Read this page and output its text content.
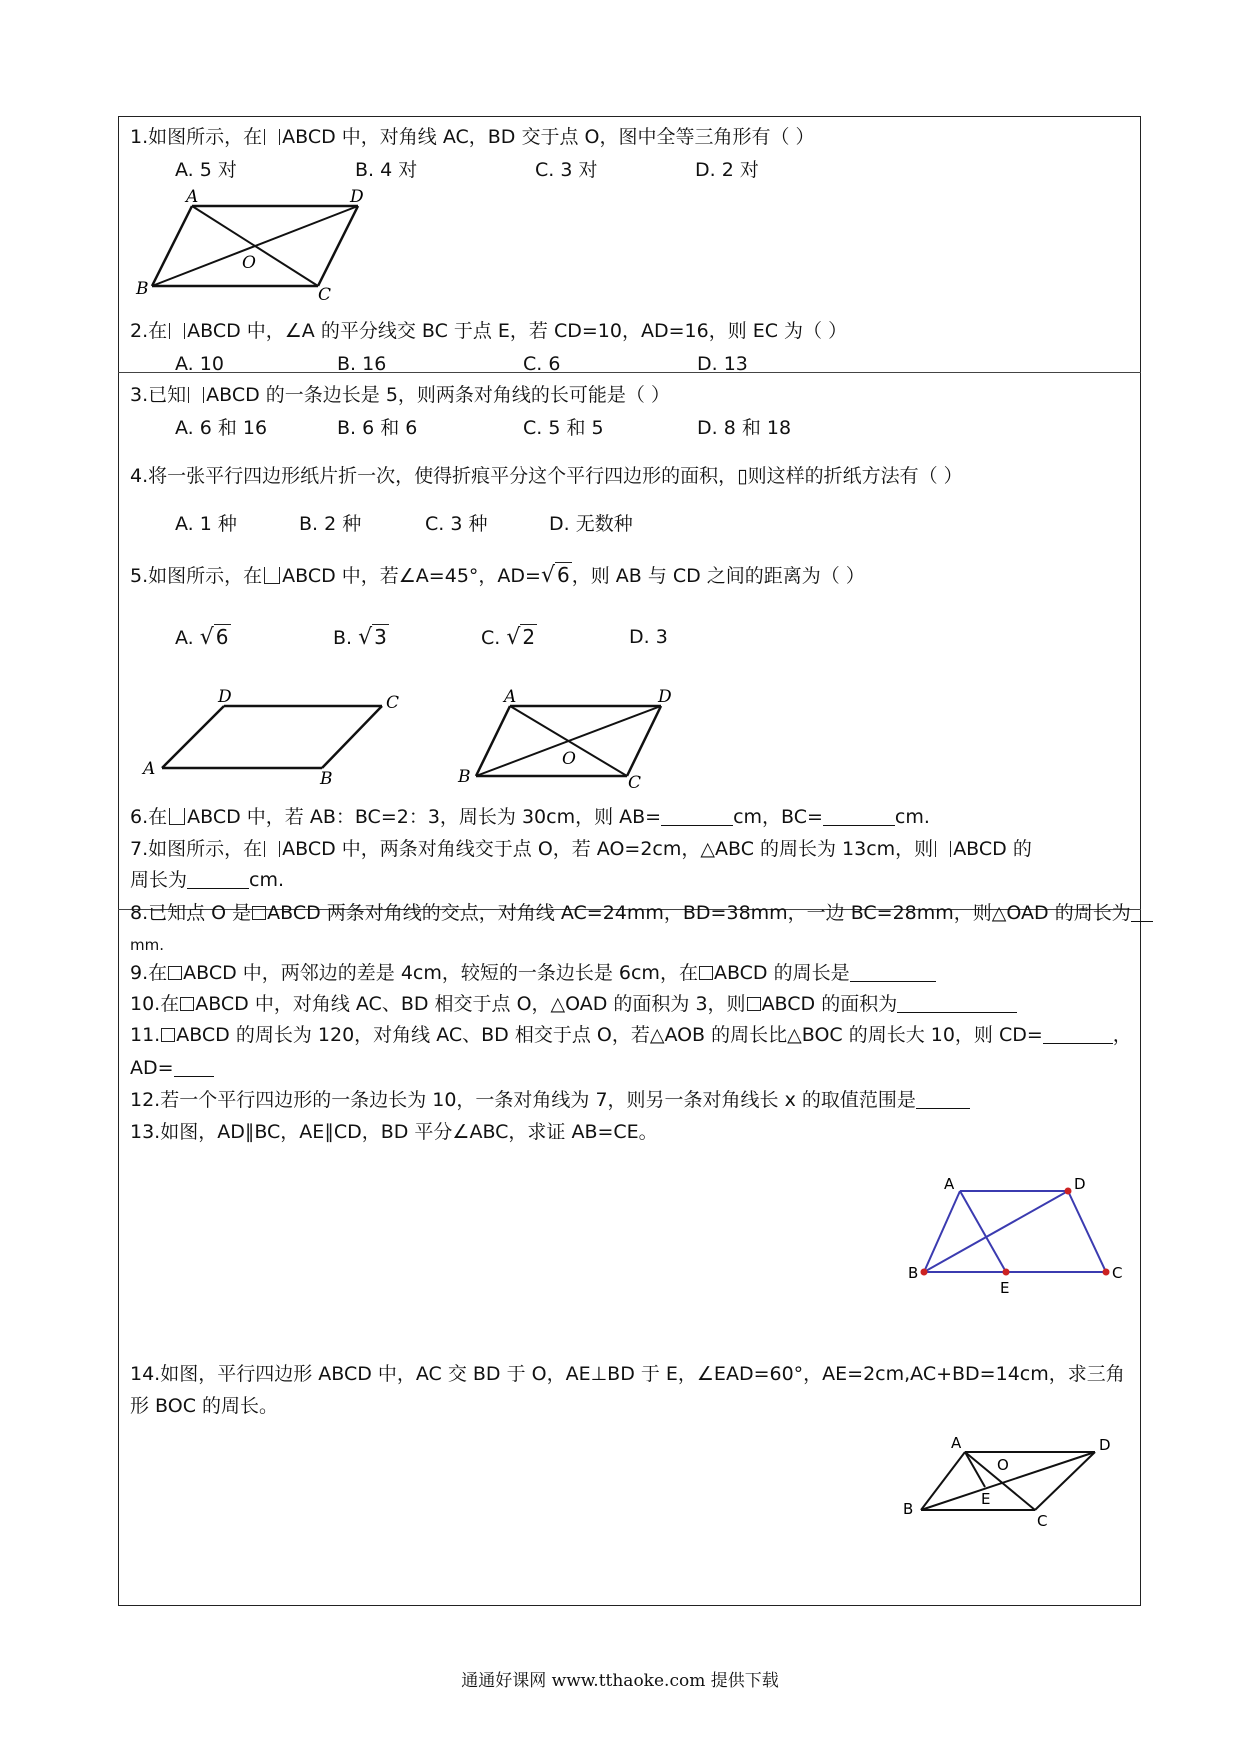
1.如图所示，在 ABCD 中，对角线 AC，BD 交于点 O，图中全等三角形有（ ）
A. 5 对	B. 4 对	C. 3 对	D. 2 对
A	D
O
B	C
2.在 ABCD 中，∠A 的平分线交 BC 于点 E，若 CD=10，AD=16，则 EC 为（ ）
A. 10	B. 16	C. 6	D. 13
3.已知 ABCD 的一条边长是 5，则两条对角线的长可能是（ ）
A. 6 和 16	B. 6 和 6	C. 5 和 5	D. 8 和 18
4.将一张平行四边形纸片折一次，使得折痕平分这个平行四边形的面积，▯则这样的折纸方法有（ ）
A. 1 种	B. 2 种	C. 3 种	D. 无数种
5.如图所示，在 ABCD 中，若∠A=45°，AD=√ 6 ，则 AB 与 CD 之间的距离为（ ）
A. √ 6	B. √ 3	C. √ 2	D. 3
D	C
A	B
A	D
O
B	C
6.在 ABCD 中，若 AB：BC=2：3，周长为 30cm，则 AB=	cm，BC=	cm.
7.如图所示，在 ABCD 中，两条对角线交于点 O，若 AO=2cm，△ABC 的周长为 13cm，则 ABCD 的
周长为	cm.
8.已知点 O 是 ABCD 两条对角线的交点，对角线 AC=24mm，BD=38mm，一边 BC=28mm，则△OAD 的周长为
mm.
9.在 ABCD 中，两邻边的差是 4cm，较短的一条边长是 6cm，在 ABCD 的周长是
10.在 ABCD 中，对角线 AC、BD 相交于点 O，△OAD 的面积为 3，则 ABCD 的面积为
11. ABCD 的周长为 120，对角线 AC、BD 相交于点 O，若△AOB 的周长比△BOC 的周长大 10，则 CD=	，
AD=
12.若一个平行四边形的一条边长为 10，一条对角线为 7，则另一条对角线长 x 的取值范围是
13.如图，AD∥BC，AE∥CD，BD 平分∠ABC，求证 AB=CE。
A	D
B
E
C
14.如图，平行四边形 ABCD 中，AC 交 BD 于 O，AE⊥BD 于 E，∠EAD=60°，AE=2cm,AC+BD=14cm，求三角
形 BOC 的周长。
A	D
O
E
B
C
通通好课网 www.tthaoke.com 提供下载
